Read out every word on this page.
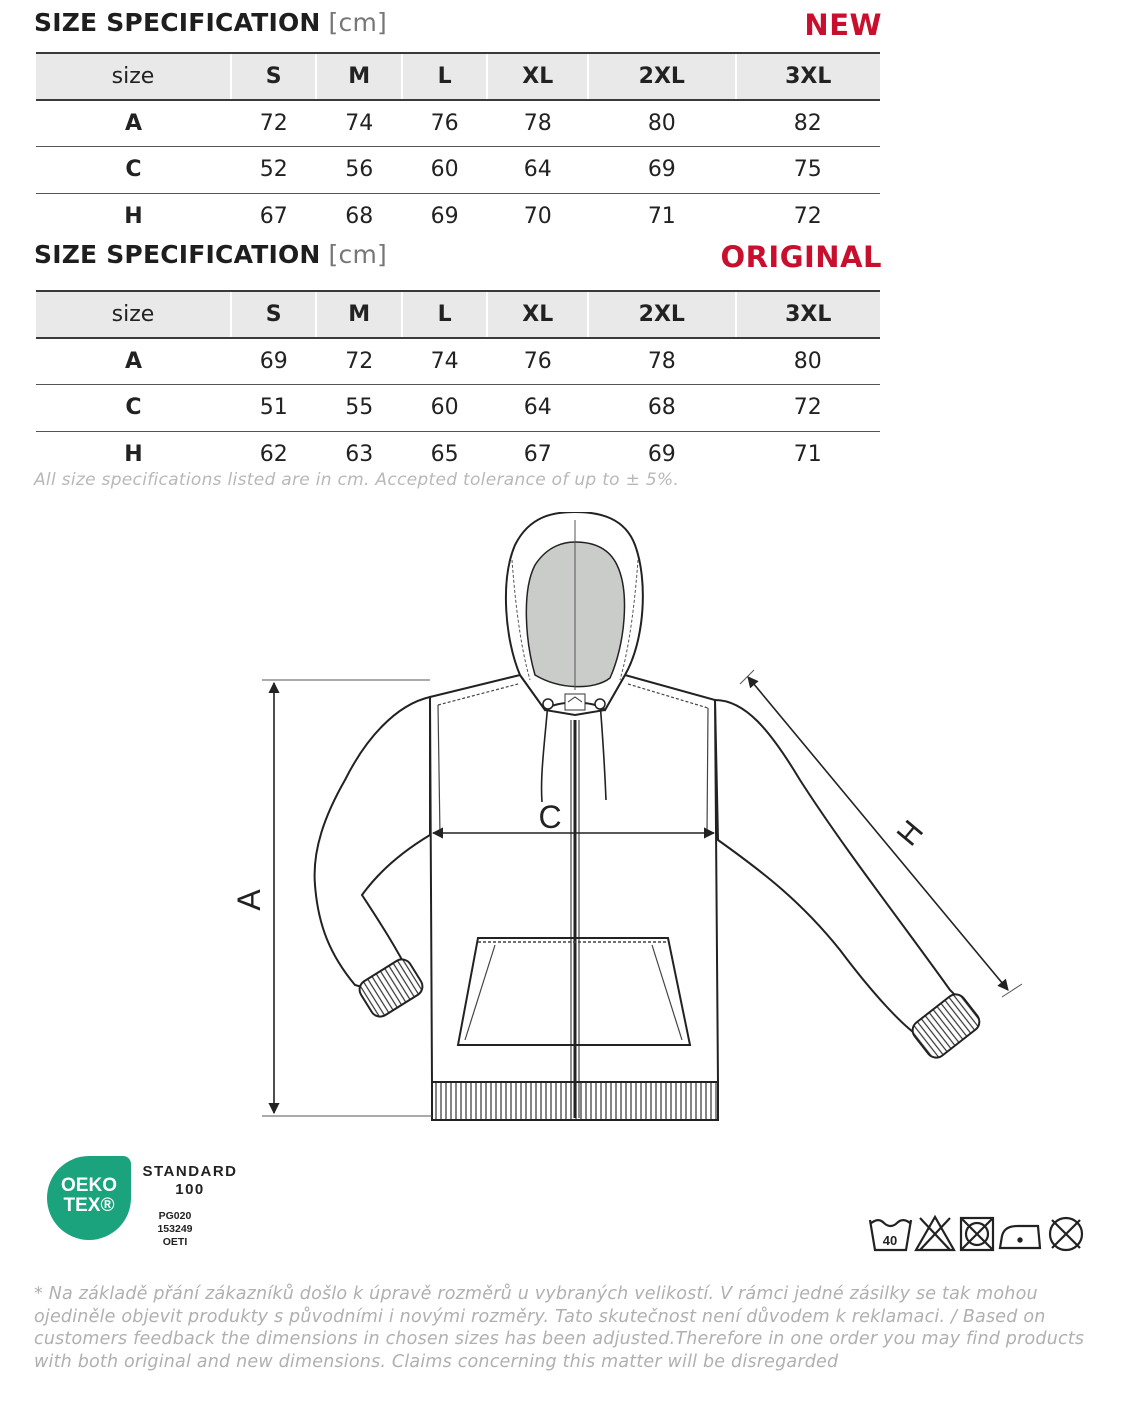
SIZE SPECIFICATION [cm]	NEW
size	S	M	L	XL	2XL	3XL
A	72	74	76	78	80	82
C	52	56	60	64	69	75
H	67	68	69	70	71	72
SIZE SPECIFICATION [cm]	ORIGINAL
size	S	M	L	XL	2XL	3XL
A	69	72	74	76	78	80
C	51	55	60	64	68	72
H	62	63	65	67	69	71
All size specifications listed are in cm. Accepted tolerance of up to ± 5%.
A
C	H
OEKO
TEX®
STANDARD
100
PG020 153249
OETI	40
* Na základě přání zákazníků došlo k úpravě rozměrů u vybraných velikostí. V rámci jedné zásilky se tak mohou ojediněle objevit produkty s původními i novými rozměry. Tato skutečnost není důvodem k reklamaci. / Based on customers feedback the dimensions in chosen sizes has been adjusted.Therefore in one order you may find products with both original and new dimensions. Claims concerning this matter will be disregarded
